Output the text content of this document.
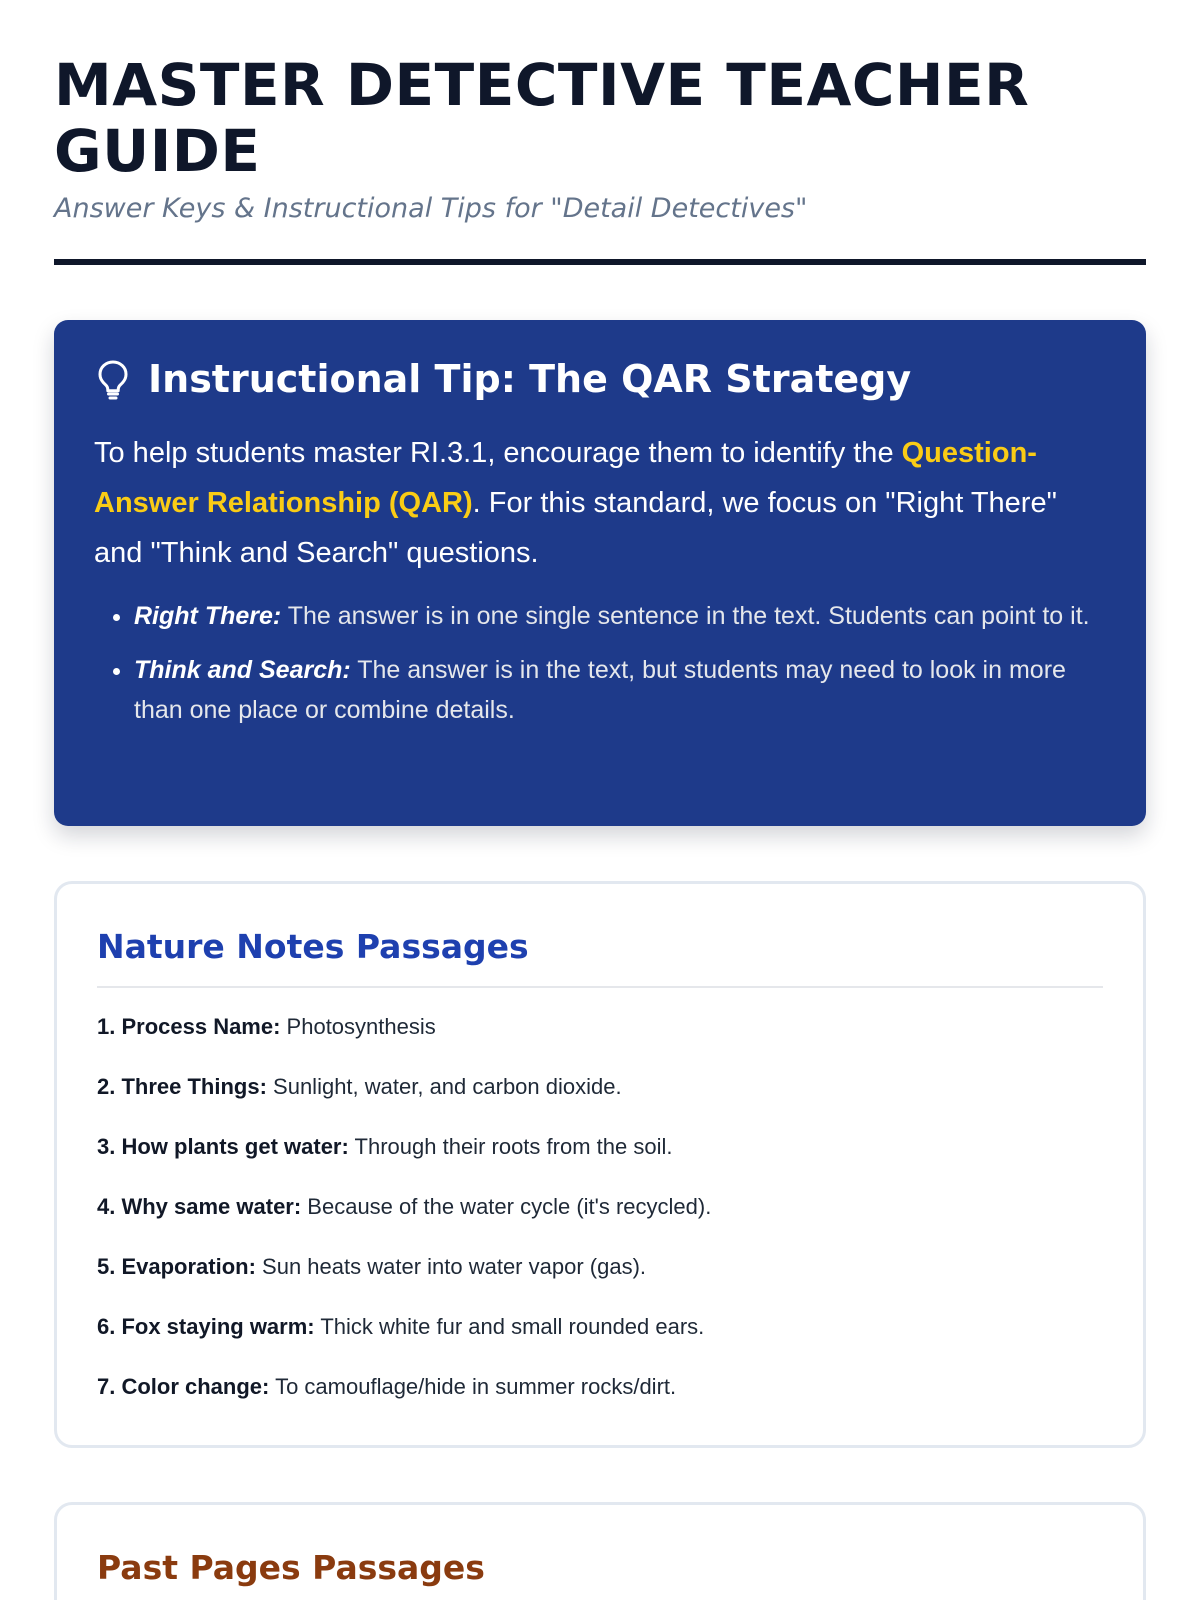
MASTER DETECTIVE TEACHER GUIDE

Answer Keys & Instructional Tips for "Detail Detectives"

Instructional Tip: The QAR Strategy

To help students master RI.3.1, encourage them to identify the Question-Answer Relationship (QAR). For this standard, we focus on "Right There" and "Think and Search" questions.

• Right There: The answer is in one single sentence in the text. Students can point to it.
• Think and Search: The answer is in the text, but students may need to look in more than one place or combine details.
Nature Notes Passages

1. Process Name: Photosynthesis

2. Three Things: Sunlight, water, and carbon dioxide.

3. How plants get water: Through their roots from the soil.

4. Why same water: Because of the water cycle (it's recycled).

5. Evaporation: Sun heats water into water vapor (gas).

6. Fox staying warm: Thick white fur and small rounded ears.

7. Color change: To camouflage/hide in summer rocks/dirt.

Past Pages Passages
